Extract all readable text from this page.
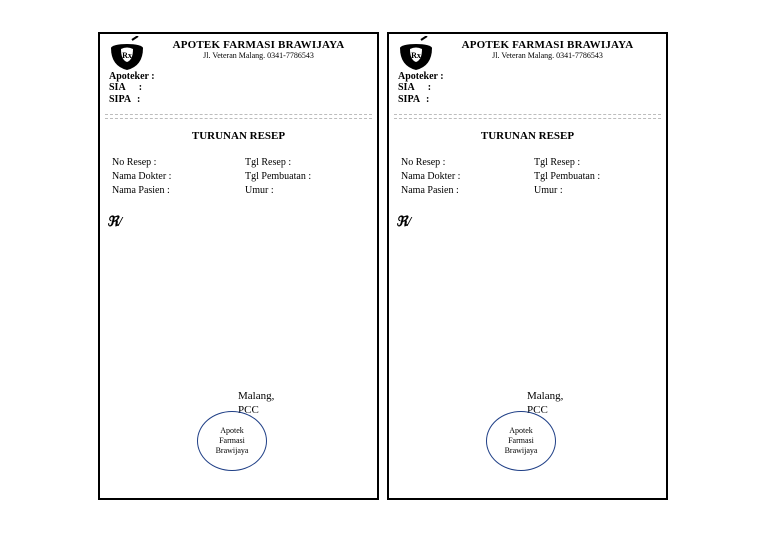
Rx
APOTEK FARMASI BRAWIJAYA
Jl. Veteran Malang. 0341-7786543
Apoteker :
SIA :
SIPA :
TURUNAN RESEP
No Resep :	Tgl Resep :
Nama Dokter :	Tgl Pembuatan :
Nama Pasien :	Umur :
ℜ/
Malang,
PCC
Apotek
Farmasi
Brawijaya
Rx
APOTEK FARMASI BRAWIJAYA
Jl. Veteran Malang. 0341-7786543
Apoteker :
SIA :
SIPA :
TURUNAN RESEP
No Resep :	Tgl Resep :
Nama Dokter :	Tgl Pembuatan :
Nama Pasien :	Umur :
ℜ/
Malang,
PCC
Apotek
Farmasi
Brawijaya
